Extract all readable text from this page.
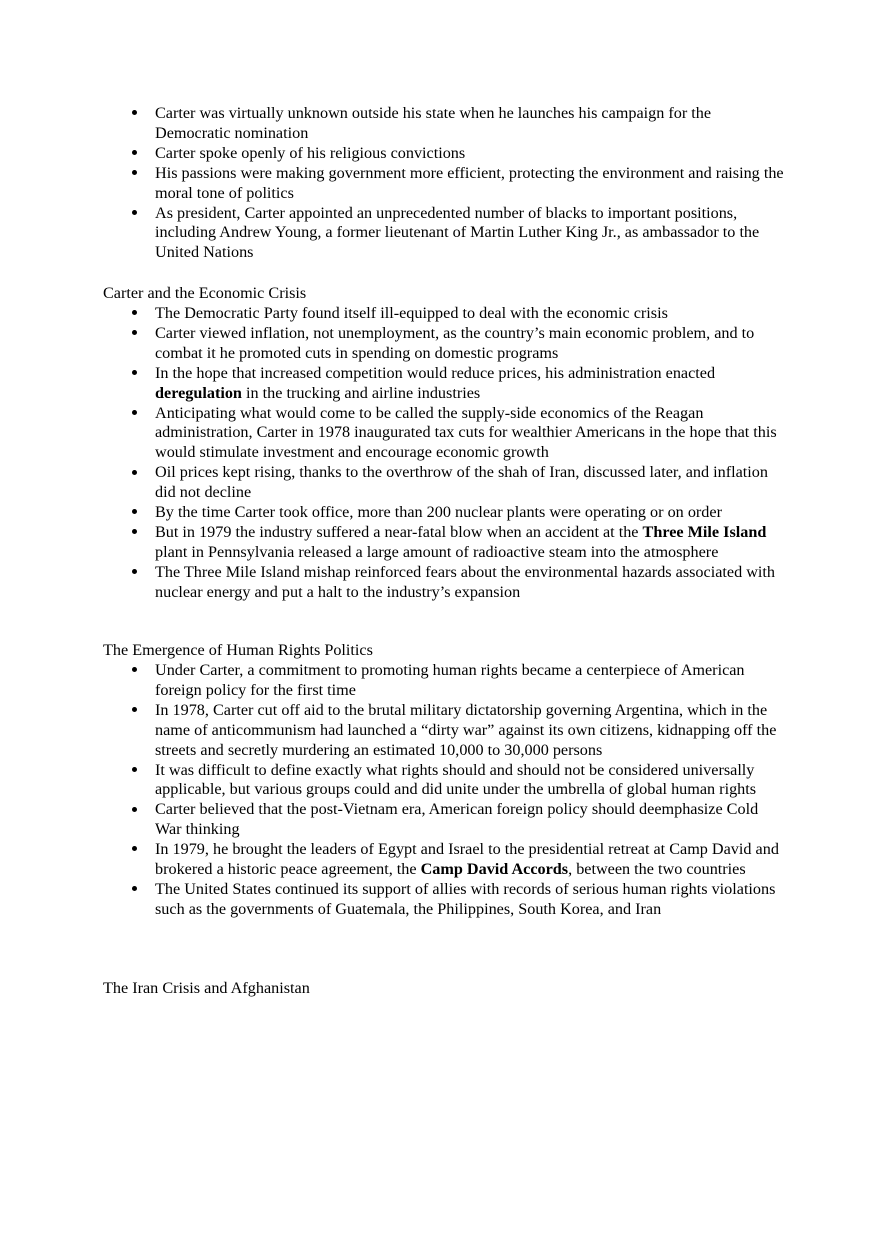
Carter was virtually unknown outside his state when he launches his campaign for the Democratic nomination
Carter spoke openly of his religious convictions
His passions were making government more efficient, protecting the environment and raising the moral tone of politics
As president, Carter appointed an unprecedented number of blacks to important positions, including Andrew Young, a former lieutenant of Martin Luther King Jr., as ambassador to the United Nations
Carter and the Economic Crisis
The Democratic Party found itself ill-equipped to deal with the economic crisis
Carter viewed inflation, not unemployment, as the country’s main economic problem, and to combat it he promoted cuts in spending on domestic programs
In the hope that increased competition would reduce prices, his administration enacted deregulation in the trucking and airline industries
Anticipating what would come to be called the supply-side economics of the Reagan administration, Carter in 1978 inaugurated tax cuts for wealthier Americans in the hope that this would stimulate investment and encourage economic growth
Oil prices kept rising, thanks to the overthrow of the shah of Iran, discussed later, and inflation did not decline
By the time Carter took office, more than 200 nuclear plants were operating or on order
But in 1979 the industry suffered a near-fatal blow when an accident at the Three Mile Island plant in Pennsylvania released a large amount of radioactive steam into the atmosphere
The Three Mile Island mishap reinforced fears about the environmental hazards associated with nuclear energy and put a halt to the industry’s expansion
The Emergence of Human Rights Politics
Under Carter, a commitment to promoting human rights became a centerpiece of American foreign policy for the first time
In 1978, Carter cut off aid to the brutal military dictatorship governing Argentina, which in the name of anticommunism had launched a “dirty war” against its own citizens, kidnapping off the streets and secretly murdering an estimated 10,000 to 30,000 persons
It was difficult to define exactly what rights should and should not be considered universally applicable, but various groups could and did unite under the umbrella of global human rights
Carter believed that the post-Vietnam era, American foreign policy should deemphasize Cold War thinking
In 1979, he brought the leaders of Egypt and Israel to the presidential retreat at Camp David and brokered a historic peace agreement, the Camp David Accords, between the two countries
The United States continued its support of allies with records of serious human rights violations such as the governments of Guatemala, the Philippines, South Korea, and Iran
The Iran Crisis and Afghanistan
